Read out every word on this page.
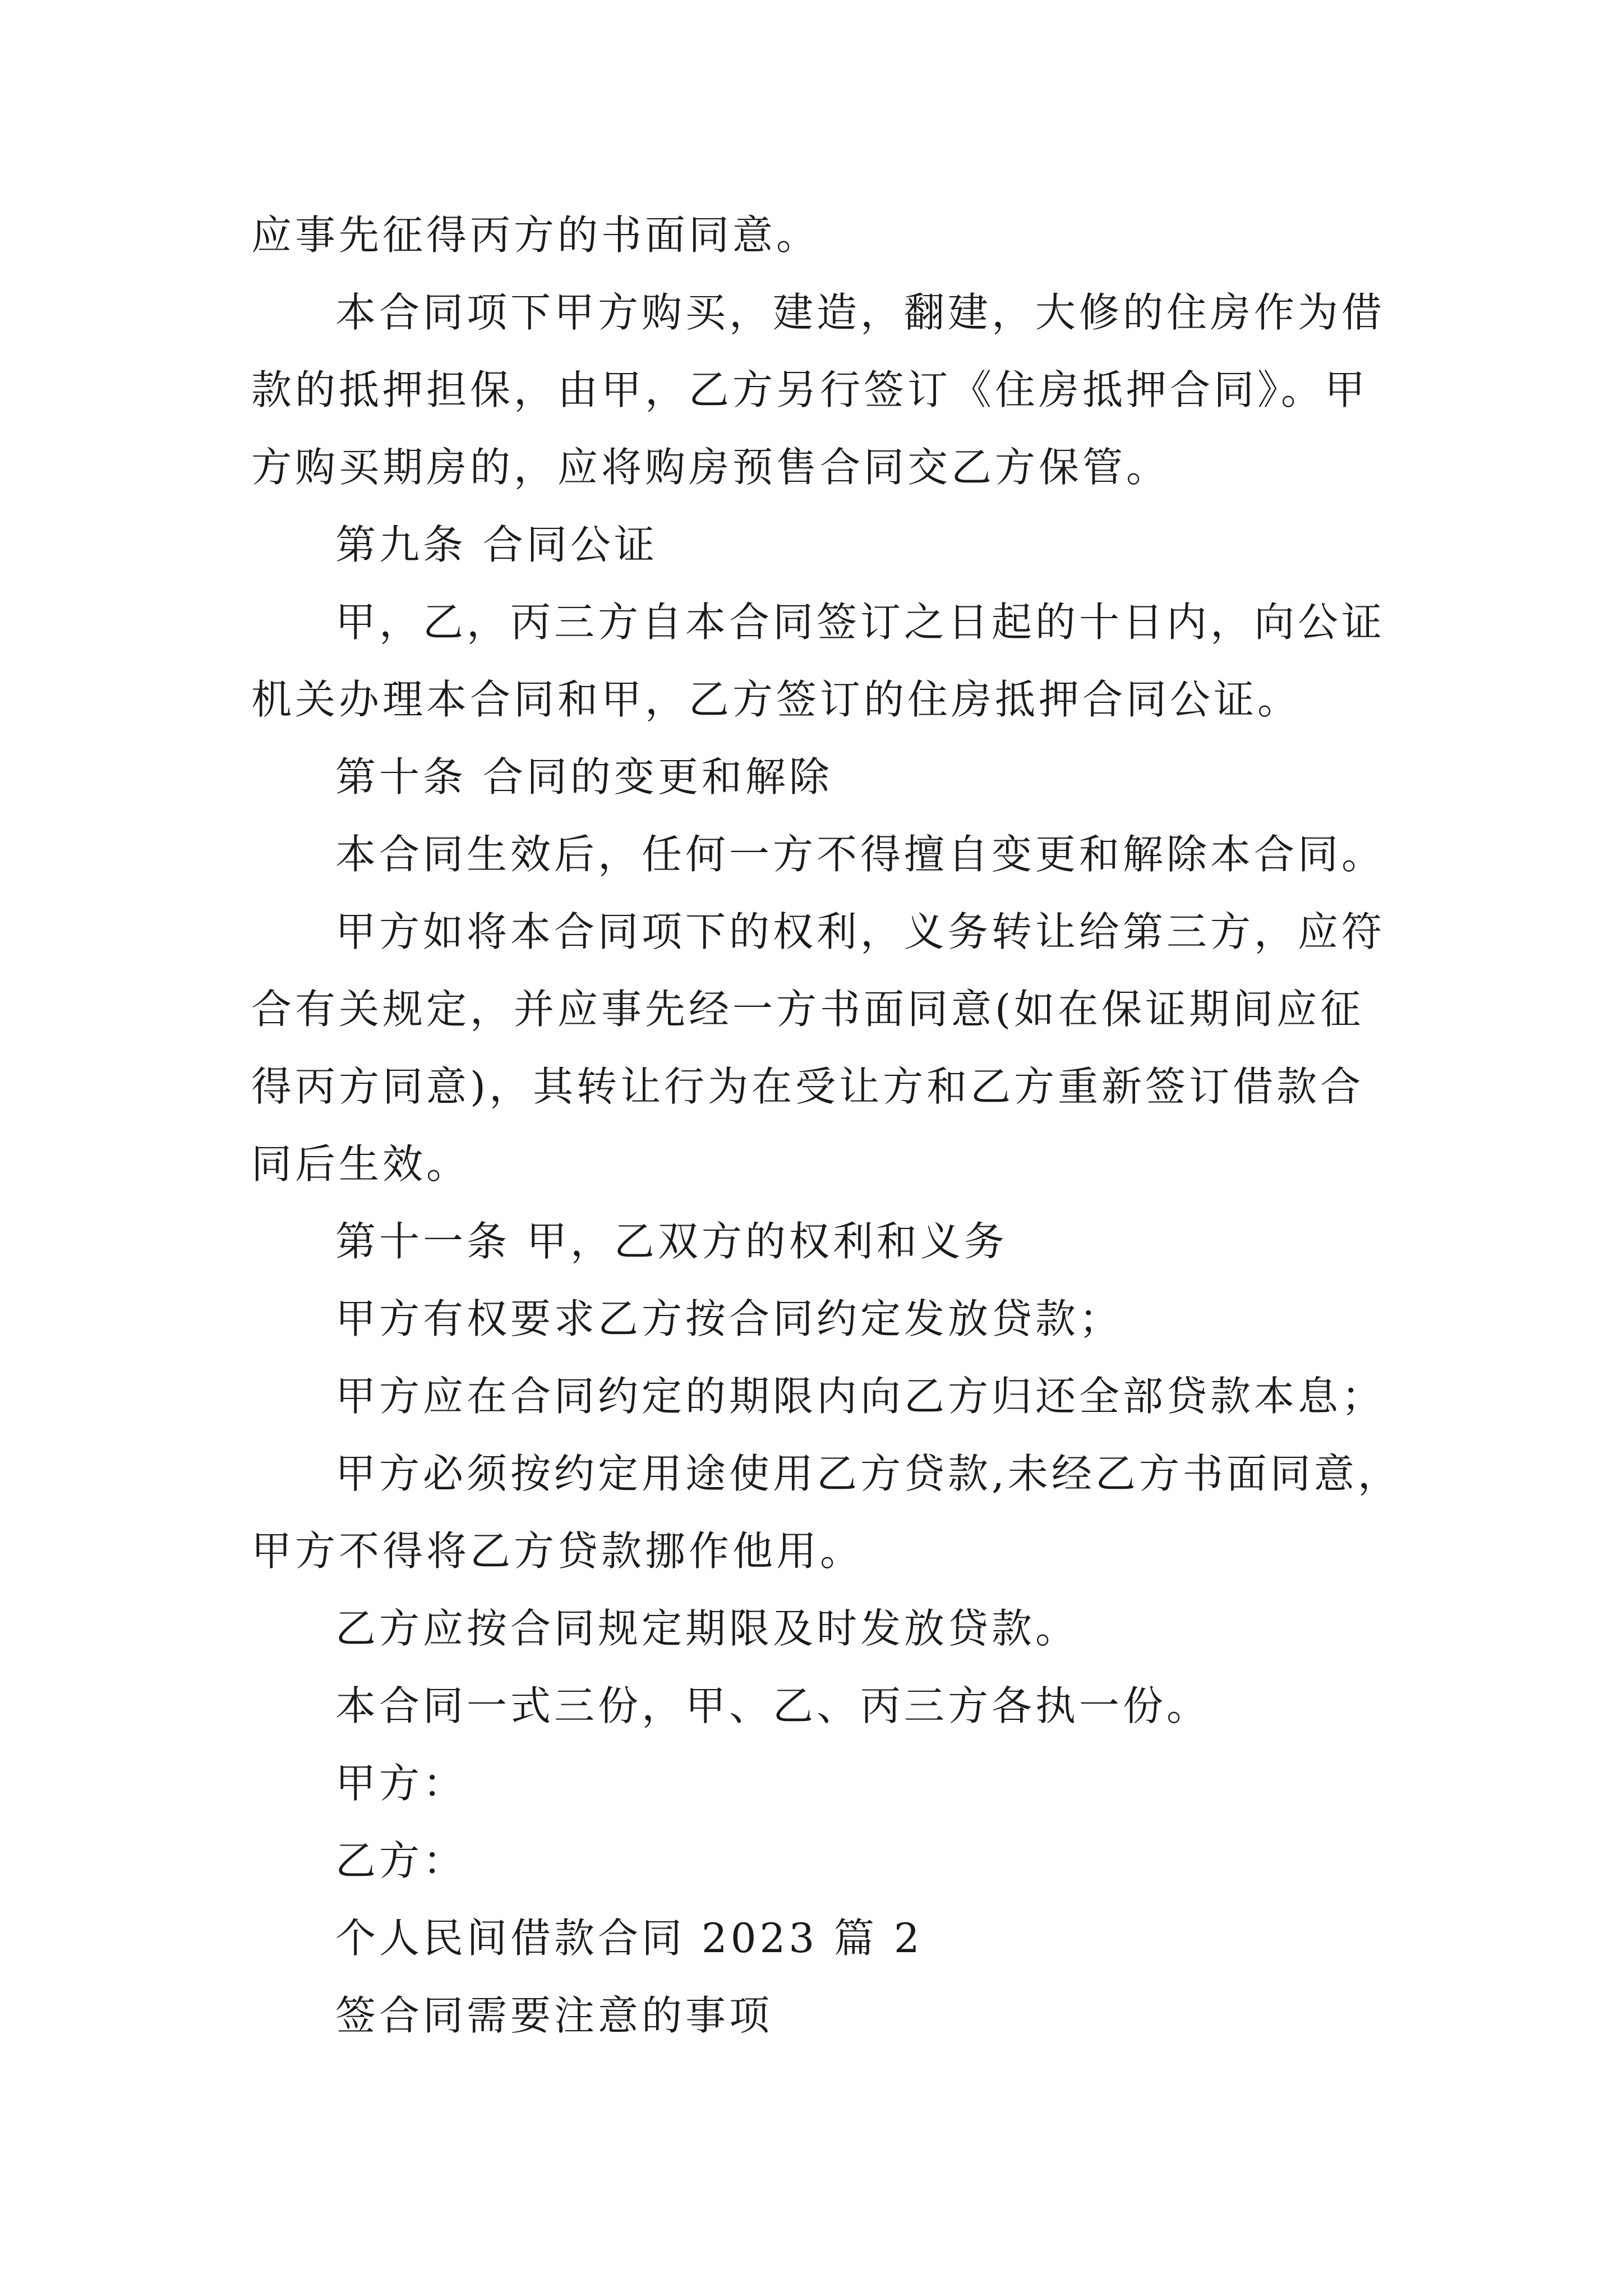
应事先征得丙方的书面同意。
本合同项下甲方购买，建造，翻建，大修的住房作为借
款的抵押担保，由甲，乙方另行签订《住房抵押合同》。甲
方购买期房的，应将购房预售合同交乙方保管。
第九条 合同公证
甲，乙，丙三方自本合同签订之日起的十日内，向公证
机关办理本合同和甲，乙方签订的住房抵押合同公证。
第十条 合同的变更和解除
本合同生效后，任何一方不得擅自变更和解除本合同。
甲方如将本合同项下的权利，义务转让给第三方，应符
合有关规定，并应事先经一方书面同意(如在保证期间应征
得丙方同意)，其转让行为在受让方和乙方重新签订借款合
同后生效。
第十一条 甲，乙双方的权利和义务
甲方有权要求乙方按合同约定发放贷款；
甲方应在合同约定的期限内向乙方归还全部贷款本息；
甲方必须按约定用途使用乙方贷款,未经乙方书面同意，
甲方不得将乙方贷款挪作他用。
乙方应按合同规定期限及时发放贷款。
本合同一式三份，甲、乙、丙三方各执一份。
甲方：
乙方：
个人民间借款合同 2023 篇 2
签合同需要注意的事项
